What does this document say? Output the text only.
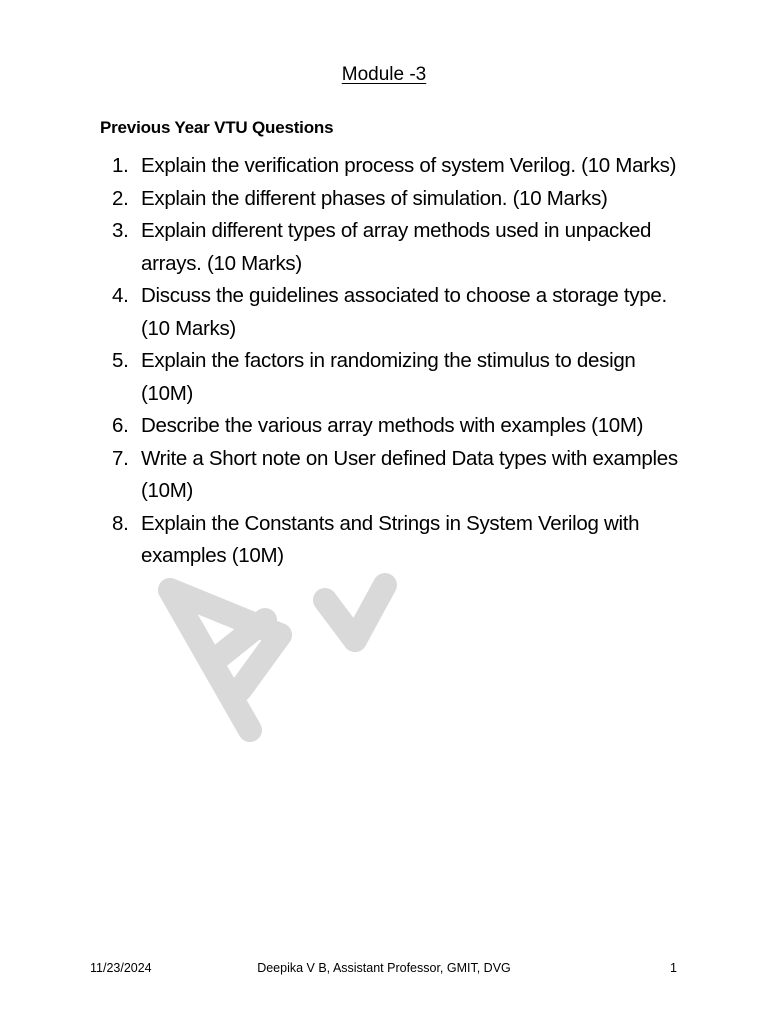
Module -3
Previous Year VTU Questions
1. Explain the verification process of system Verilog. (10 Marks)
2. Explain the different phases of simulation. (10 Marks)
3. Explain different types of array methods used in unpacked arrays. (10 Marks)
4. Discuss the guidelines associated to choose a storage type. (10 Marks)
5. Explain the factors in randomizing the stimulus to design (10M)
6. Describe the various array methods with examples (10M)
7. Write a Short note on User defined Data types with examples (10M)
8. Explain the Constants and Strings in System Verilog with examples (10M)
11/23/2024	Deepika V B, Assistant Professor, GMIT, DVG	1
